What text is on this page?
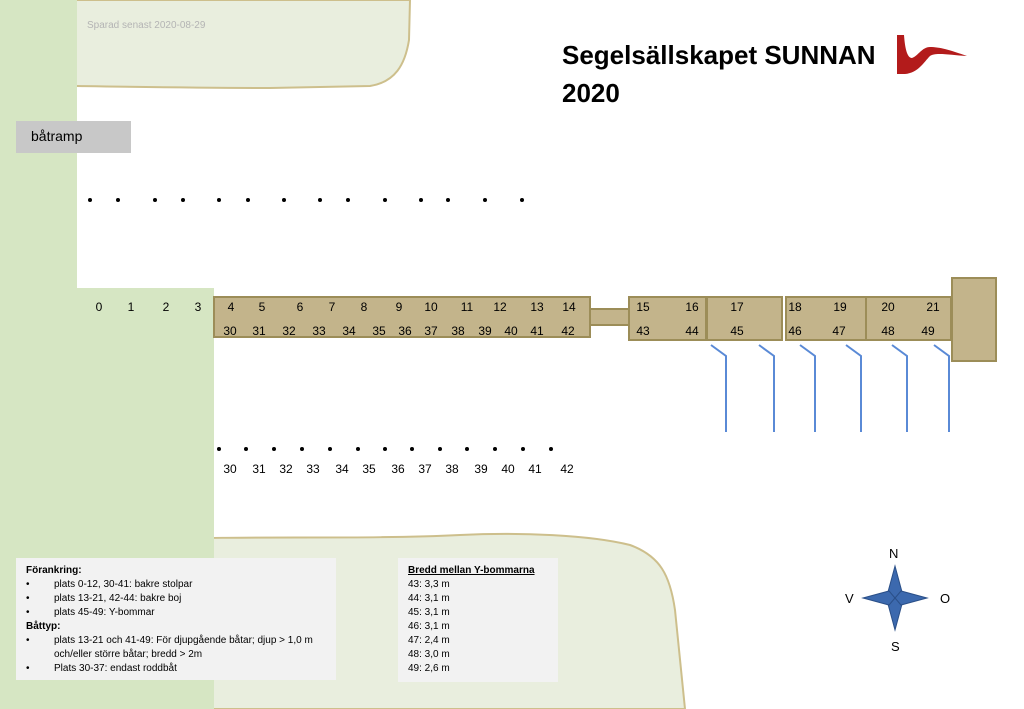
Sparad senast 2020-08-29
Segelsällskapet SUNNAN
2020
båtramp
0 1 2 3 4 5	6 7 8 9 10 11 12 13 14	15	16	17	18	19	20	21
30 31 32 33 34 35 36 37 38 39 40 41 42	43	44	45	46	47	48 49
30 31 32 33 34 35 36 37 38 39 40 41 42
Förankring:
• plats 0-12, 30-41: bakre stolpar
• plats 13-21, 42-44: bakre boj
• plats 45-49: Y-bommar
Båttyp:
• plats 13-21 och 41-49: För djupgående båtar; djup > 1,0 m och/eller större båtar; bredd > 2m
• Plats 30-37: endast roddbåt
Bredd mellan Y-bommarna
43: 3,3 m
44: 3,1 m
45: 3,1 m
46: 3,1 m
47: 2,4 m
48: 3,0 m
49: 2,6 m
N
S
V	O
